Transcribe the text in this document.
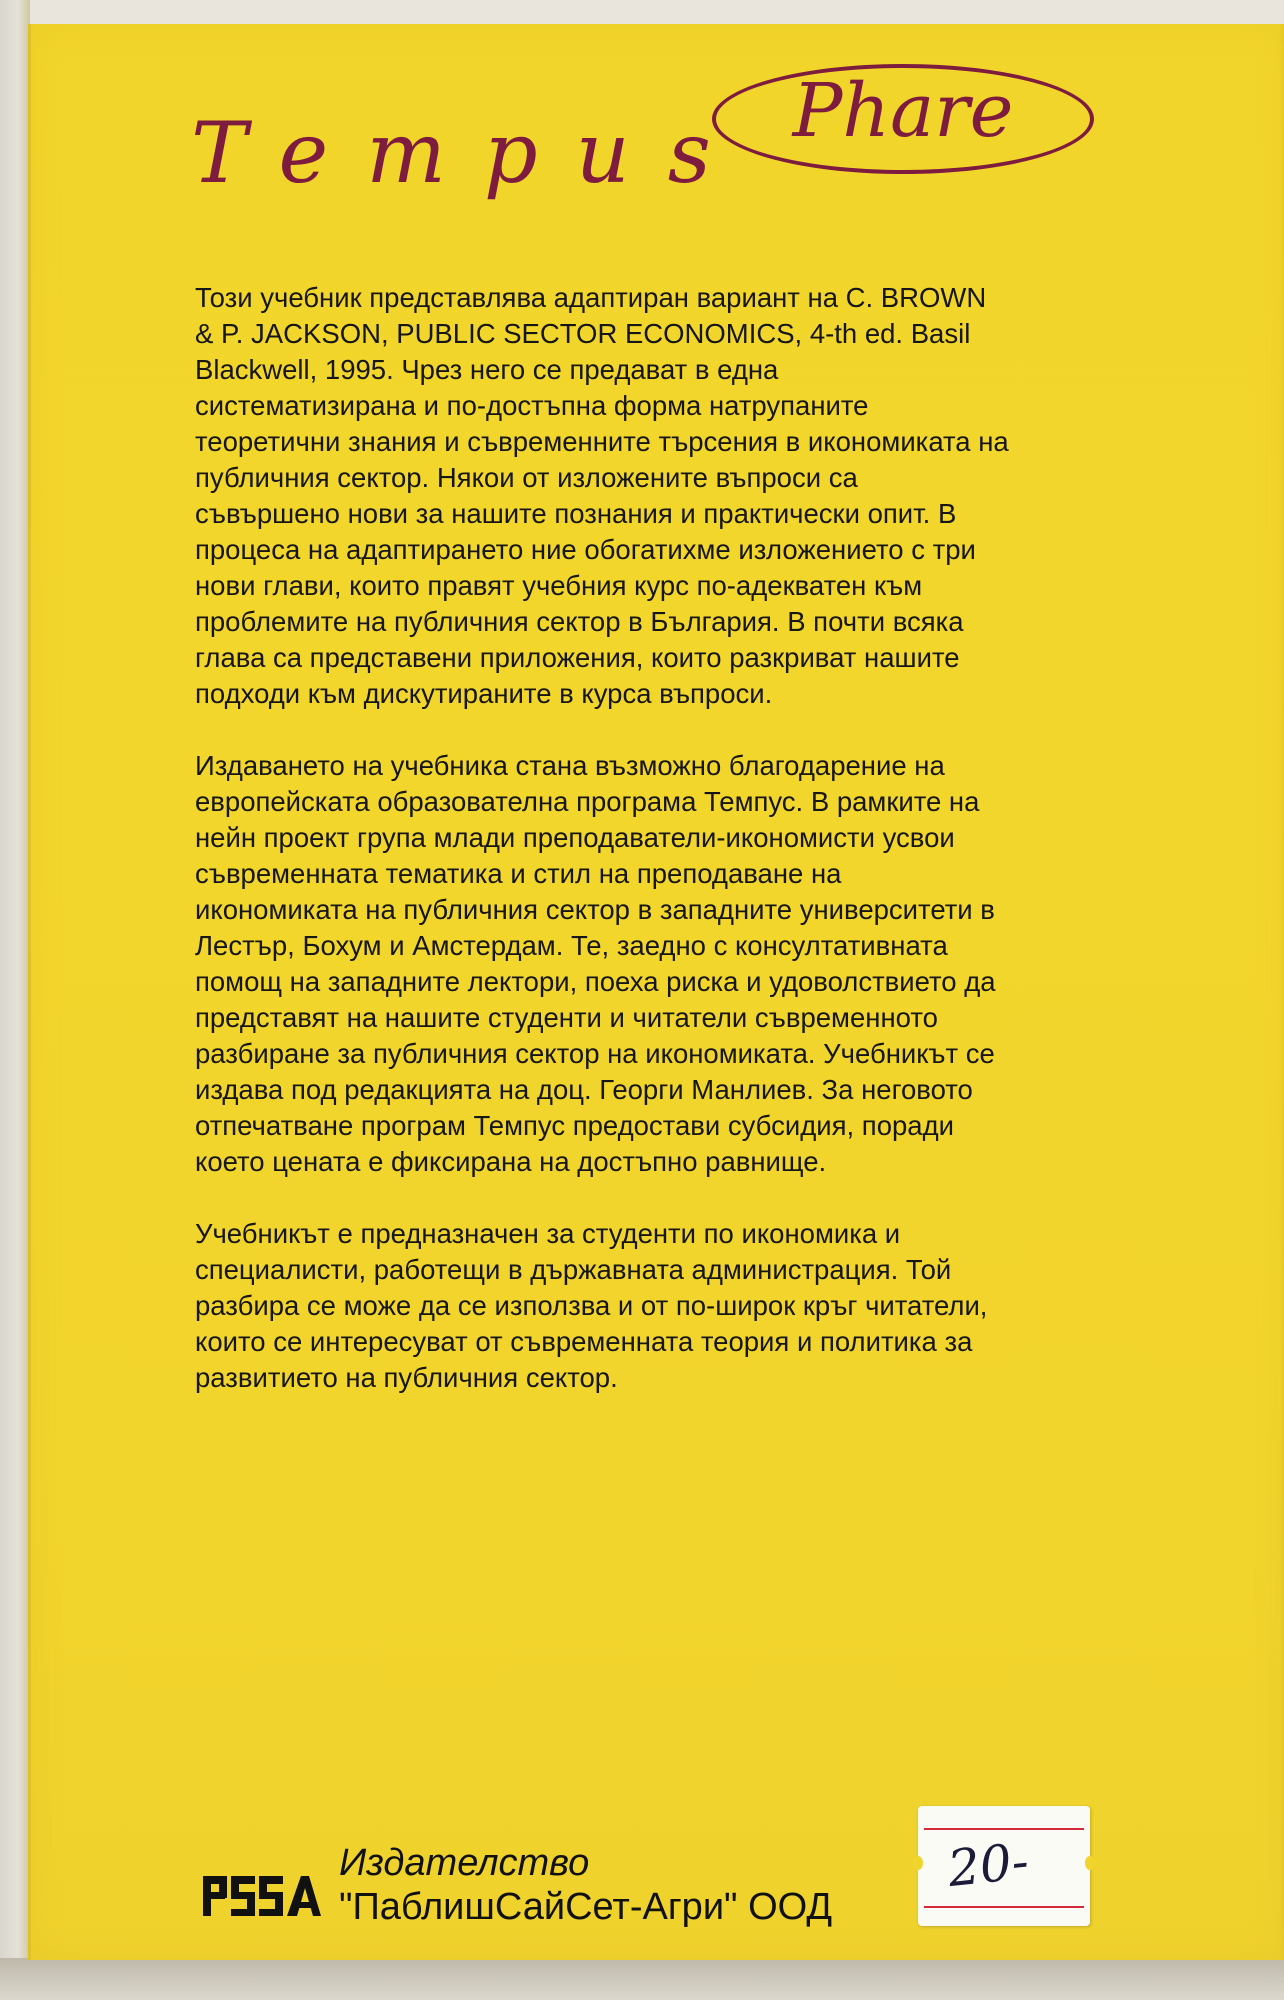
Tempus Phare

Този учебник представлява адаптиран вариант на C. BROWN
& P. JACKSON, PUBLIC SECTOR ECONOMICS, 4-th ed. Basil
Blackwell, 1995. Чрез него се предават в една
систематизирана и по-достъпна форма натрупаните
теоретични знания и съвременните търсения в икономиката на
публичния сектор. Някои от изложените въпроси са
съвършено нови за нашите познания и практически опит. В
процеса на адаптирането ние обогатихме изложението с три
нови глави, които правят учебния курс по-адекватен към
проблемите на публичния сектор в България. В почти всяка
глава са представени приложения, които разкриват нашите
подходи към дискутираните в курса въпроси.

Издаването на учебника стана възможно благодарение на
европейската образователна програма Темпус. В рамките на
нейн проект група млади преподаватели-икономисти усвои
съвременната тематика и стил на преподаване на
икономиката на публичния сектор в западните университети в
Лестър, Бохум и Амстердам. Те, заедно с консултативната
помощ на западните лектори, поеха риска и удоволствието да
представят на нашите студенти и читатели съвременното
разбиране за публичния сектор на икономиката. Учебникът се
издава под редакцията на доц. Георги Манлиев. За неговото
отпечатване програм Темпус предостави субсидия, поради
което цената е фиксирана на достъпно равнище.

Учебникът е предназначен за студенти по икономика и
специалисти, работещи в държавната администрация. Той
разбира се може да се използва и от по-широк кръг читатели,
които се интересуват от съвременната теория и политика за
развитието на публичния сектор.

Издателство
"ПаблишСайСет-Агри" ООД
20-
